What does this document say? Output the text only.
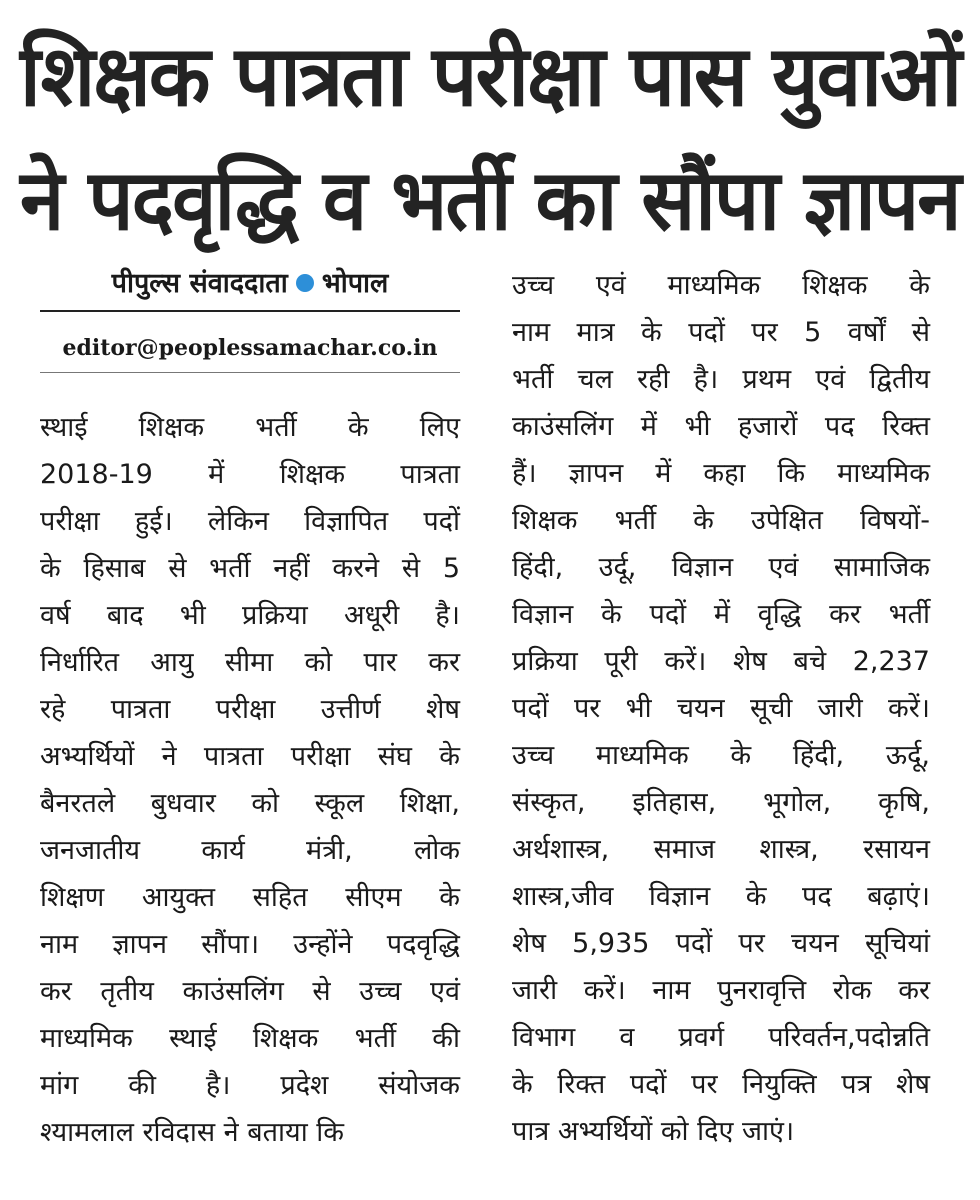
शिक्षक पात्रता परीक्षा पास युवाओं
ने पदवृद्धि व भर्ती का सौंपा ज्ञापन
पीपुल्स संवाददाता भोपाल
editor@peoplessamachar.co.in
स्थाई शिक्षक भर्ती के लिए
2018-19 में शिक्षक पात्रता
परीक्षा हुई। लेकिन विज्ञापित पदों
के हिसाब से भर्ती नहीं करने से 5
वर्ष बाद भी प्रक्रिया अधूरी है।
निर्धारित आयु सीमा को पार कर
रहे पात्रता परीक्षा उत्तीर्ण शेष
अभ्यर्थियों ने पात्रता परीक्षा संघ के
बैनरतले बुधवार को स्कूल शिक्षा,
जनजातीय कार्य मंत्री, लोक
शिक्षण आयुक्त सहित सीएम के
नाम ज्ञापन सौंपा। उन्होंने पदवृद्धि
कर तृतीय काउंसलिंग से उच्च एवं
माध्यमिक स्थाई शिक्षक भर्ती की
मांग की है। प्रदेश संयोजक
श्यामलाल रविदास ने बताया कि
उच्च एवं माध्यमिक शिक्षक के
नाम मात्र के पदों पर 5 वर्षों से
भर्ती चल रही है। प्रथम एवं द्वितीय
काउंसलिंग में भी हजारों पद रिक्त
हैं। ज्ञापन में कहा कि माध्यमिक
शिक्षक भर्ती के उपेक्षित विषयों-
हिंदी, उर्दू, विज्ञान एवं सामाजिक
विज्ञान के पदों में वृद्धि कर भर्ती
प्रक्रिया पूरी करें। शेष बचे 2,237
पदों पर भी चयन सूची जारी करें।
उच्च माध्यमिक के हिंदी, ऊर्दू,
संस्कृत, इतिहास, भूगोल, कृषि,
अर्थशास्त्र, समाज शास्त्र, रसायन
शास्त्र,जीव विज्ञान के पद बढ़ाएं।
शेष 5,935 पदों पर चयन सूचियां
जारी करें। नाम पुनरावृत्ति रोक कर
विभाग व प्रवर्ग परिवर्तन,पदोन्नति
के रिक्त पदों पर नियुक्ति पत्र शेष
पात्र अभ्यर्थियों को दिए जाएं।
